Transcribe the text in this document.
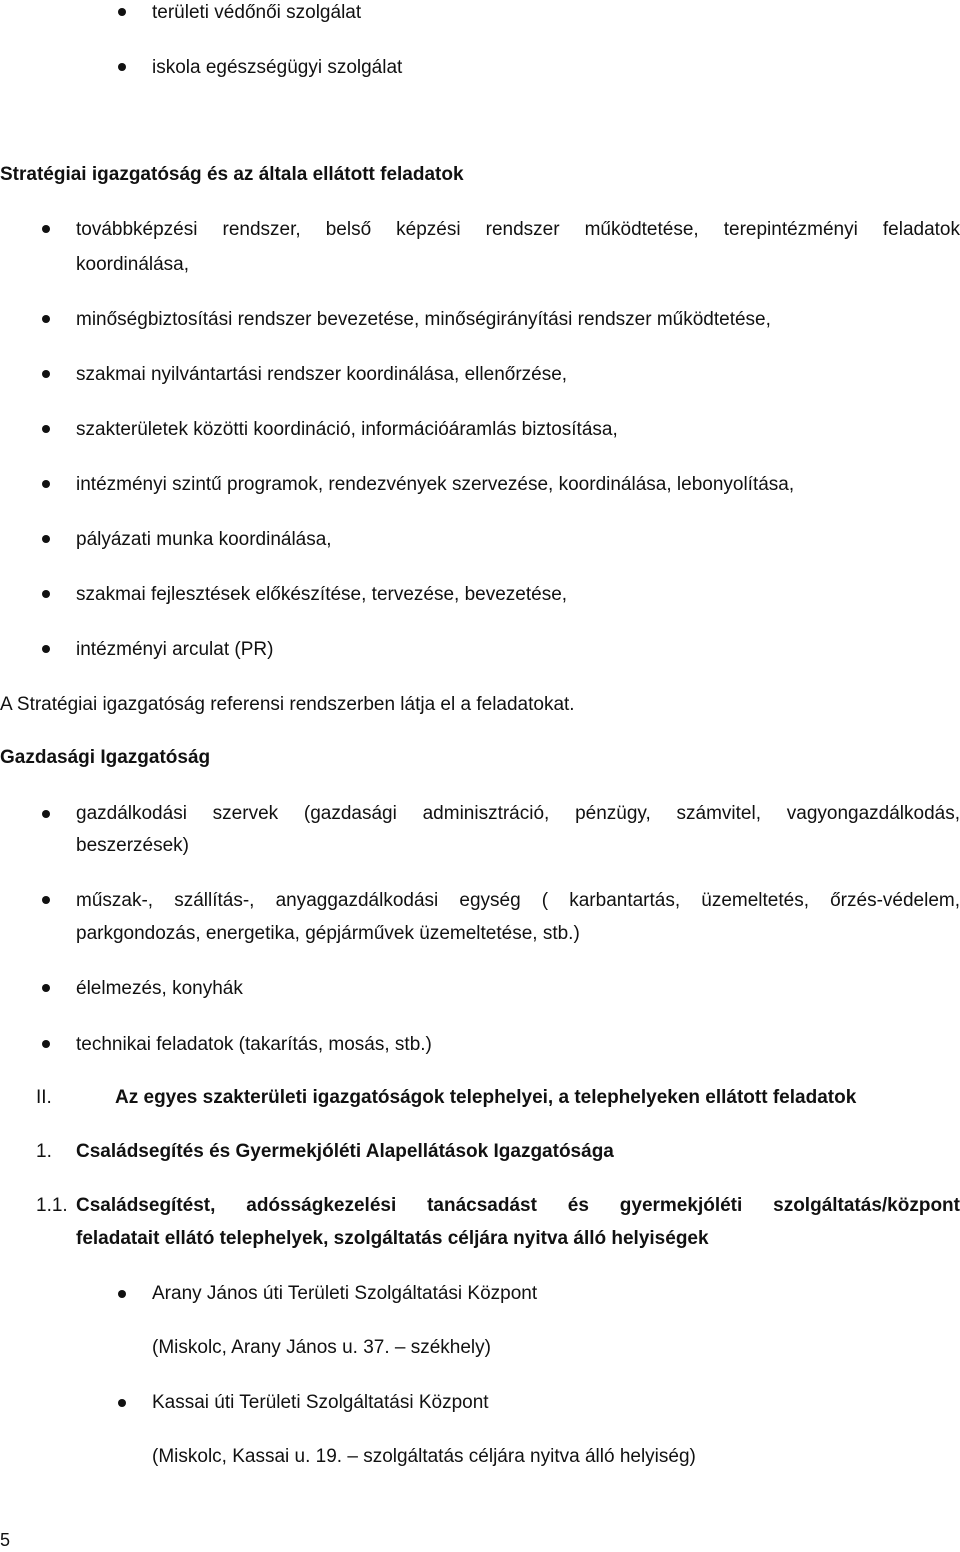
területi védőnői szolgálat
iskola egészségügyi szolgálat
Stratégiai igazgatóság és az általa ellátott feladatok
továbbképzési rendszer, belső képzési rendszer működtetése, terepintézményi feladatok
koordinálása,
minőségbiztosítási rendszer bevezetése, minőségirányítási rendszer működtetése,
szakmai nyilvántartási rendszer koordinálása, ellenőrzése,
szakterületek közötti koordináció, információáramlás biztosítása,
intézményi szintű programok, rendezvények szervezése, koordinálása, lebonyolítása,
pályázati munka koordinálása,
szakmai fejlesztések előkészítése, tervezése, bevezetése,
intézményi arculat (PR)
A Stratégiai igazgatóság referensi rendszerben látja el a feladatokat.
Gazdasági Igazgatóság
gazdálkodási szervek (gazdasági adminisztráció, pénzügy, számvitel, vagyongazdálkodás,
beszerzések)
műszak-, szállítás-, anyaggazdálkodási egység ( karbantartás, üzemeltetés, őrzés-védelem,
parkgondozás, energetika, gépjárművek üzemeltetése, stb.)
élelmezés, konyhák
technikai feladatok (takarítás, mosás, stb.)
II.	Az egyes szakterületi igazgatóságok telephelyei, a telephelyeken ellátott feladatok
1. Családsegítés és Gyermekjóléti Alapellátások Igazgatósága
1.1. Családsegítést, adósságkezelési tanácsadást és gyermekjóléti szolgáltatás/központ
feladatait ellátó telephelyek, szolgáltatás céljára nyitva álló helyiségek
Arany János úti Területi Szolgáltatási Központ
(Miskolc, Arany János u. 37. – székhely)
Kassai úti Területi Szolgáltatási Központ
(Miskolc, Kassai u. 19. – szolgáltatás céljára nyitva álló helyiség)
5
